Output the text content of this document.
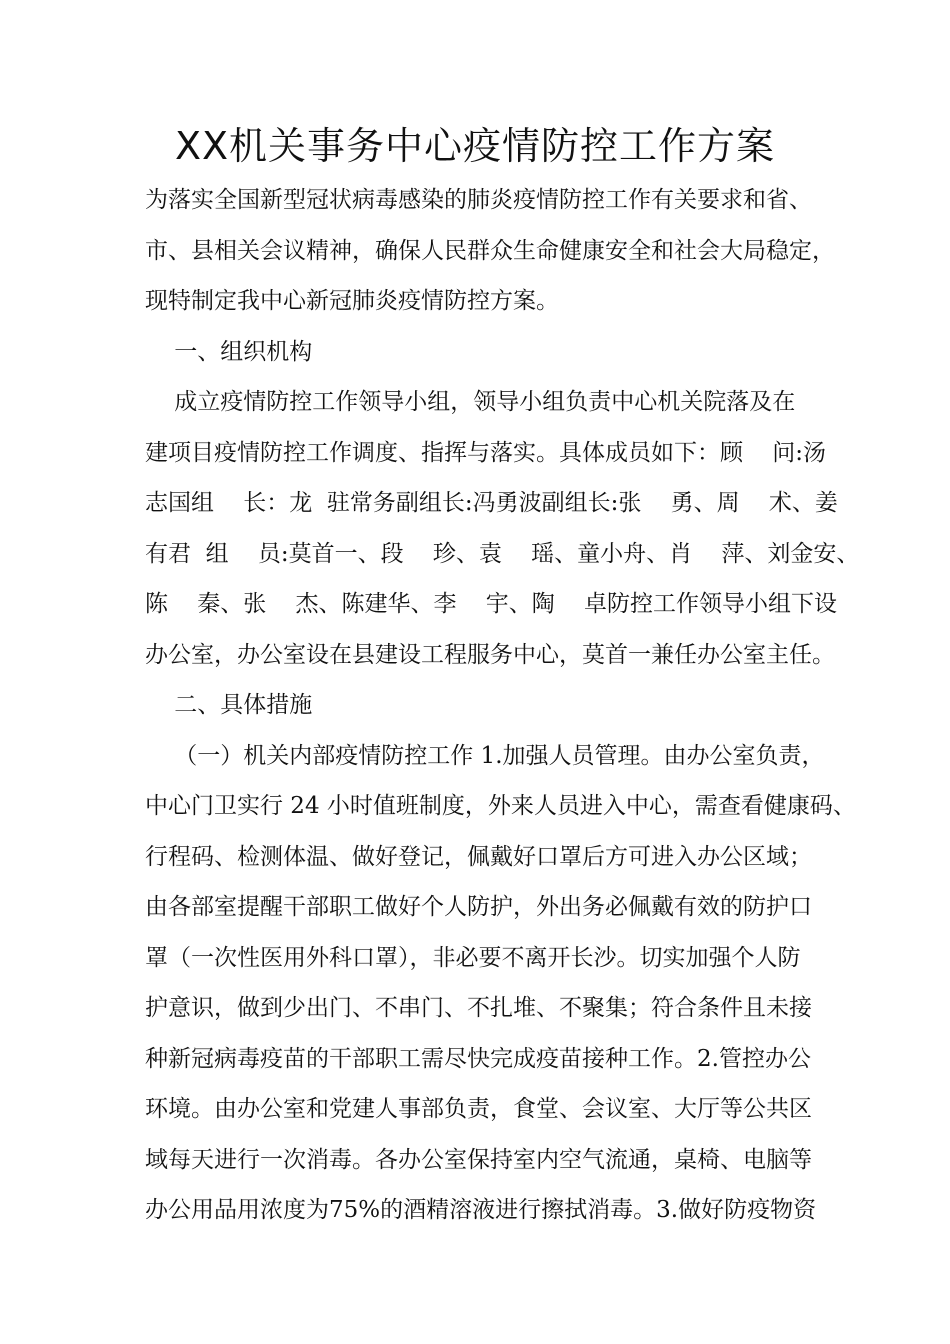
XX机关事务中心疫情防控工作方案
为落实全国新型冠状病毒感染的肺炎疫情防控工作有关要求和省、
市、县相关会议精神，确保人民群众生命健康安全和社会大局稳定，
现特制定我中心新冠肺炎疫情防控方案。
一、组织机构
成立疫情防控工作领导小组，领导小组负责中心机关院落及在
建项目疫情防控工作调度、指挥与落实。具体成员如下：顾    问:汤
志国组    长：龙  驻常务副组长:冯勇波副组长:张    勇、周    术、姜
有君  组    员:莫首一、段    珍、袁    瑶、童小舟、肖    萍、刘金安、
陈    秦、张    杰、陈建华、李    宇、陶    卓防控工作领导小组下设
办公室，办公室设在县建设工程服务中心，莫首一兼任办公室主任。
二、具体措施
（一）机关内部疫情防控工作 1.加强人员管理。由办公室负责，
中心门卫实行 24 小时值班制度，外来人员进入中心，需查看健康码、
行程码、检测体温、做好登记，佩戴好口罩后方可进入办公区域；
由各部室提醒干部职工做好个人防护，外出务必佩戴有效的防护口
罩（一次性医用外科口罩），非必要不离开长沙。切实加强个人防
护意识，做到少出门、不串门、不扎堆、不聚集；符合条件且未接
种新冠病毒疫苗的干部职工需尽快完成疫苗接种工作。2.管控办公
环境。由办公室和党建人事部负责，食堂、会议室、大厅等公共区
域每天进行一次消毒。各办公室保持室内空气流通，桌椅、电脑等
办公用品用浓度为75%的酒精溶液进行擦拭消毒。3.做好防疫物资
